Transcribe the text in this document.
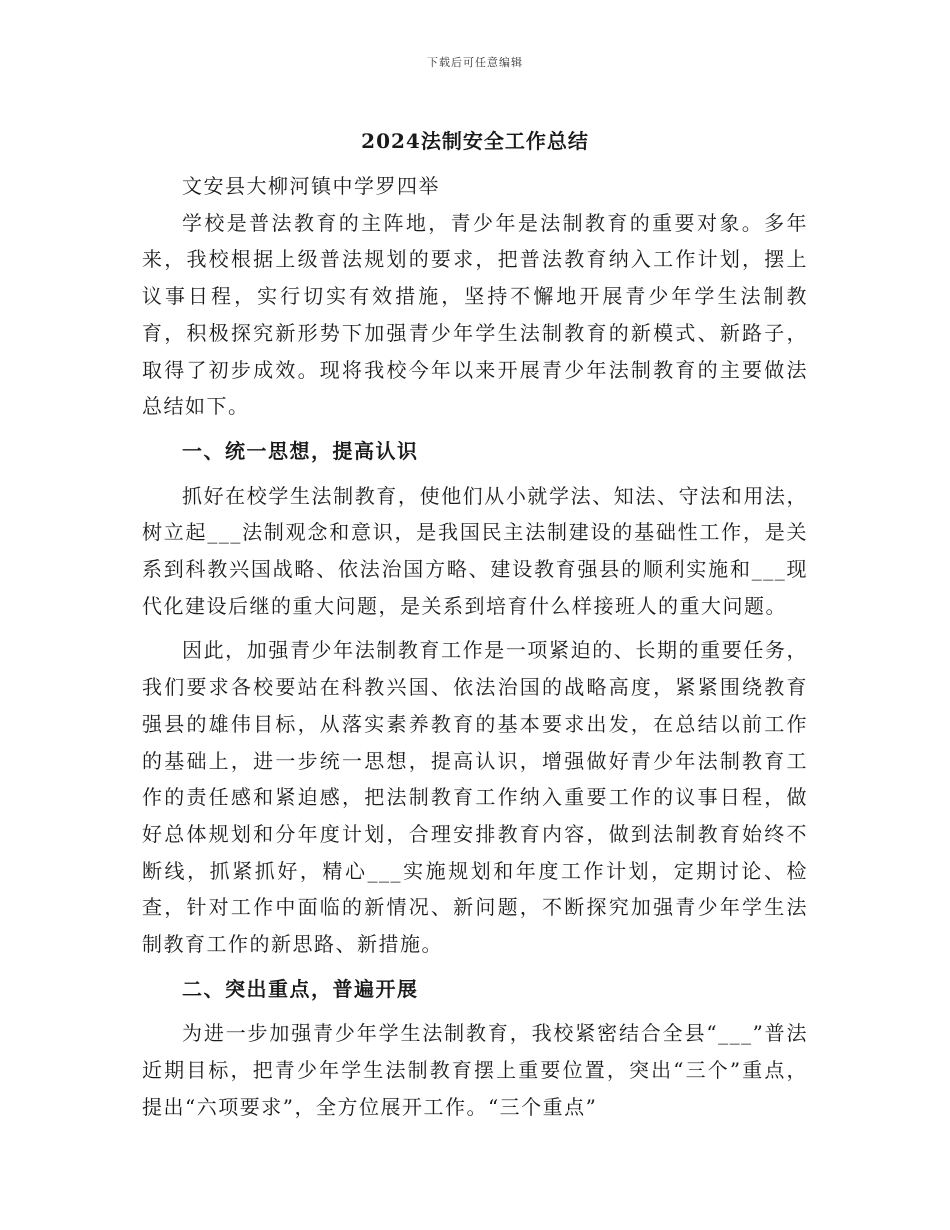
下载后可任意编辑
2024法制安全工作总结

文安县大柳河镇中学罗四举

学校是普法教育的主阵地，青少年是法制教育的重要对象。多年来，我校根据上级普法规划的要求，把普法教育纳入工作计划，摆上议事日程，实行切实有效措施，坚持不懈地开展青少年学生法制教育，积极探究新形势下加强青少年学生法制教育的新模式、新路子，取得了初步成效。现将我校今年以来开展青少年法制教育的主要做法总结如下。

一、统一思想，提高认识

抓好在校学生法制教育，使他们从小就学法、知法、守法和用法，树立起___法制观念和意识，是我国民主法制建设的基础性工作，是关系到科教兴国战略、依法治国方略、建设教育强县的顺利实施和___现代化建设后继的重大问题，是关系到培育什么样接班人的重大问题。

因此，加强青少年法制教育工作是一项紧迫的、长期的重要任务，我们要求各校要站在科教兴国、依法治国的战略高度，紧紧围绕教育强县的雄伟目标，从落实素养教育的基本要求出发，在总结以前工作的基础上，进一步统一思想，提高认识，增强做好青少年法制教育工作的责任感和紧迫感，把法制教育工作纳入重要工作的议事日程，做好总体规划和分年度计划，合理安排教育内容，做到法制教育始终不断线，抓紧抓好，精心___实施规划和年度工作计划，定期讨论、检查，针对工作中面临的新情况、新问题，不断探究加强青少年学生法制教育工作的新思路、新措施。

二、突出重点，普遍开展

为进一步加强青少年学生法制教育，我校紧密结合全县“___”普法近期目标，把青少年学生法制教育摆上重要位置，突出“三个”重点，提出“六项要求”，全方位展开工作。“三个重点”
